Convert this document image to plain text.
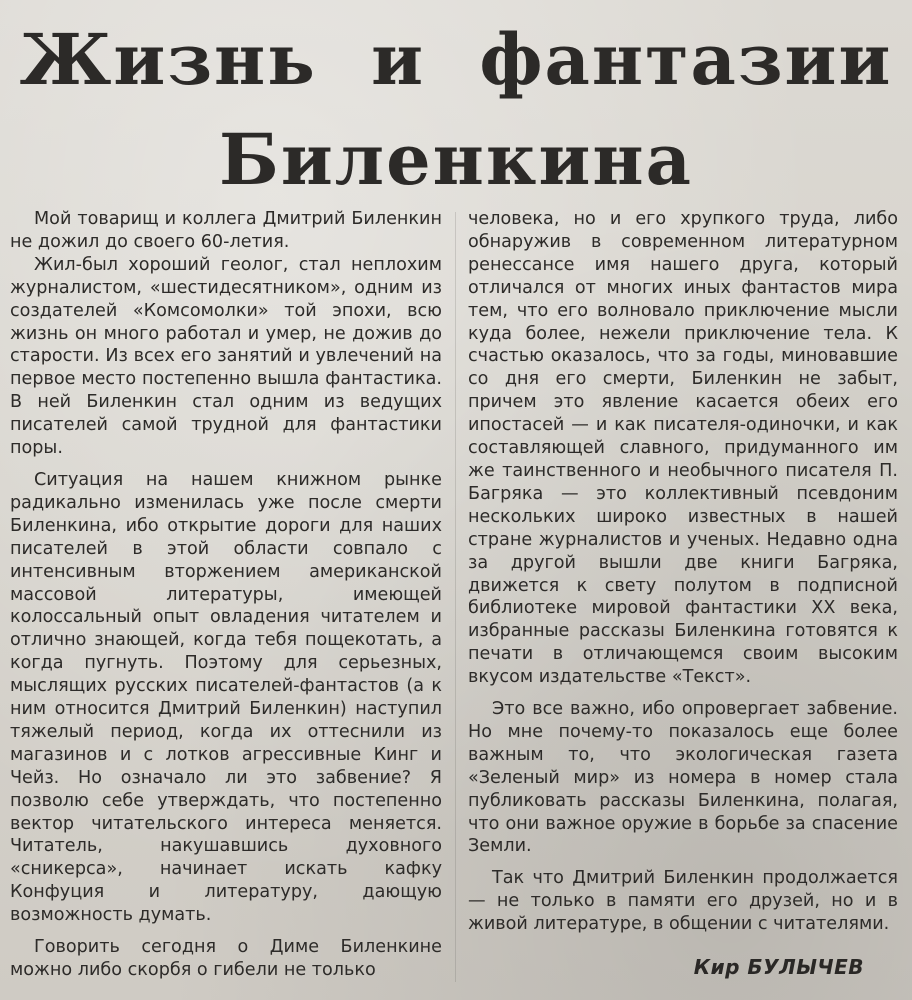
Жизнь и фантазии
Биленкина

Мой товарищ и коллега Дмитрий Биленкин не дожил до своего 60-летия.

Жил-был хороший геолог, стал неплохим журналистом, «шестидесятником», одним из создателей «Комсомолки» той эпохи, всю жизнь он много работал и умер, не дожив до старости. Из всех его занятий и увлечений на первое место постепенно вышла фантастика. В ней Биленкин стал одним из ведущих писателей самой трудной для фантастики поры.

Ситуация на нашем книжном рынке радикально изменилась уже после смерти Биленкина, ибо открытие дороги для наших писателей в этой области совпало с интенсивным вторжением американской массовой литературы, имеющей колоссальный опыт овладения читателем и отлично знающей, когда тебя пощекотать, а когда пугнуть. Поэтому для серьезных, мыслящих русских писателей-фантастов (а к ним относится Дмитрий Биленкин) наступил тяжелый период, когда их оттеснили из магазинов и с лотков агрессивные Кинг и Чейз. Но означало ли это забвение? Я позволю себе утверждать, что постепенно вектор читательского интереса меняется. Читатель, накушавшись духовного «сникерса», начинает искать кафку Конфуция и литературу, дающую возможность думать.

Говорить сегодня о Диме Биленкине можно либо скорбя о гибели не только

человека, но и его хрупкого труда, либо обнаружив в современном литературном ренессансе имя нашего друга, который отличался от многих иных фантастов мира тем, что его волновало приключение мысли куда более, нежели приключение тела. К счастью оказалось, что за годы, миновавшие со дня его смерти, Биленкин не забыт, причем это явление касается обеих его ипостасей — и как писателя-одиночки, и как составляющей славного, придуманного им же таинственного и необычного писателя П. Багряка — это коллективный псевдоним нескольких широко известных в нашей стране журналистов и ученых. Недавно одна за другой вышли две книги Багряка, движется к свету полутом в подписной библиотеке мировой фантастики XX века, избранные рассказы Биленкина готовятся к печати в отличающемся своим высоким вкусом издательстве «Текст».

Это все важно, ибо опровергает забвение. Но мне почему-то показалось еще более важным то, что экологическая газета «Зеленый мир» из номера в номер стала публиковать рассказы Биленкина, полагая, что они важное оружие в борьбе за спасение Земли.

Так что Дмитрий Биленкин продолжается — не только в памяти его друзей, но и в живой литературе, в общении с читателями.

Кир БУЛЫЧЕВ
